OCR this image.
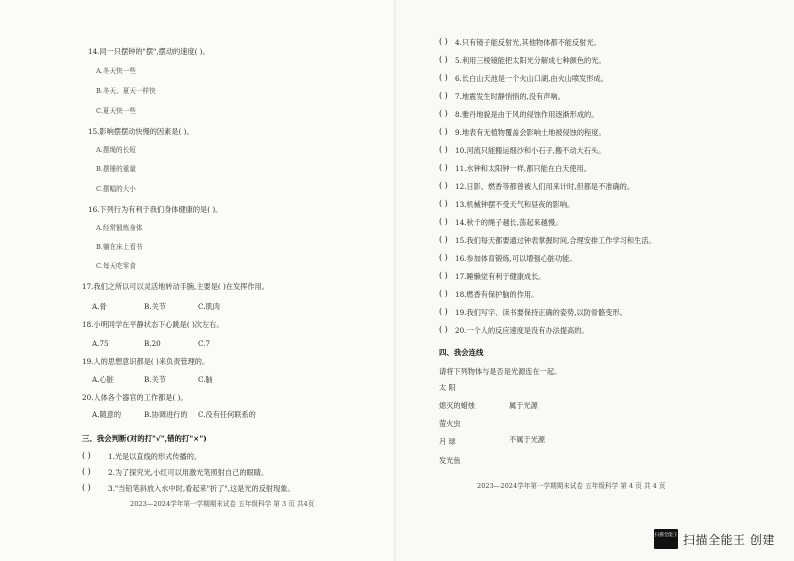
14.同一只摆钟的"摆",摆动的速度( )。
A.冬天快一些
B.冬天、夏天一样快
C.夏天快一些
15.影响摆摆动快慢的因素是( )。
A.摆绳的长短
B.摆锤的重量
C.摆幅的大小
16.下列行为有利于我们身体健康的是( )。
A.经常锻炼身体
B.躺在床上看书
C.每天吃零食
17.我们之所以可以灵活地转动手腕,主要是( )在发挥作用。
A.骨	B.关节	C.肌肉
18.小明同学在平静状态下心跳是( )次左右。
A.75	B.20	C.7
19.人的思想意识都是( )来负责管理的。
A.心脏	B.关节	C.脑
20.人体各个器官的工作都是( )。
A.随意的	B.协调进行的 C.没有任何联系的
三、我会判断(对的打"√",错的打"×")
( ) 1.光是以直线的形式传播的。
( ) 2.为了探究光,小红可以用激光笔照射自己的眼睛。
( ) 3."当铅笔斜放入水中时,看起来"折了",这是光的反射现象。
2023—2024学年第一学期期末试卷 五年级科学 第 3 页 共4页
( ) 4.只有镜子能反射光,其他物体都不能反射光。
( ) 5.利用三棱镜能把太阳光分解成七种颜色的光。
( ) 6.长白山天池是一个火山口湖,由火山喷发形成。
( ) 7.地震发生时静悄悄的,没有声响。
( ) 8.雅丹地貌是由于风的侵蚀作用逐渐形成的。
( ) 9.地表有无植物覆盖会影响土地被侵蚀的程度。
( ) 10.河流只能搬运细沙和小石子,搬不动大石头。
( ) 11.水钟和太阳钟一样,都只能在白天使用。
( ) 12.日影、燃香等都曾被人们用来计时,但都是不准确的。
( ) 13.机械钟摆不受天气和昼夜的影响。
( ) 14.秋千的绳子越长,荡起来越慢。
( ) 15.我们每天都要通过钟表掌握时间,合理安排工作学习和生活。
( ) 16.参加体育锻炼,可以增强心脏功能。
( ) 17.睡懒觉有利于健康成长。
( ) 18.燃香有保护脑的作用。
( ) 19.我们写字、读书要保持正确的姿势,以防骨骼变形。
( ) 20.一个人的反应速度是没有办法提高的。
四、我会连线
请将下列物体与是否是光源连在一起。
太 阳
熄灭的蜡烛
萤火虫
月 球
发光鱼
属于光源
不属于光源
2023—2024学年第一学期期末试卷 五年级科学 第 4 页 共 4 页
扫描全能王 扫描全能王 创建
